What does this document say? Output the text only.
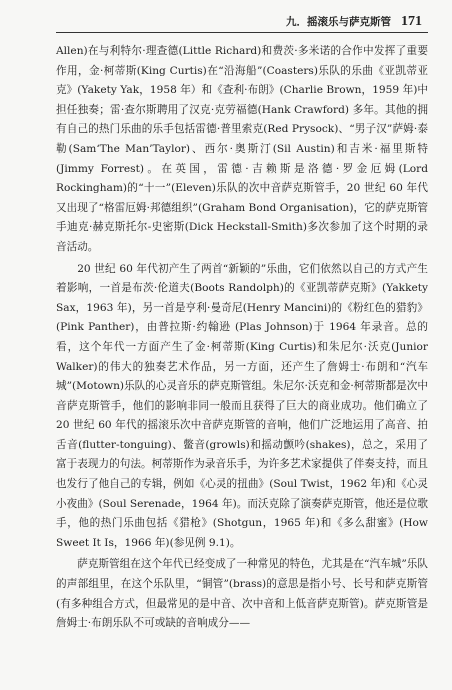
九．摇滚乐与萨克斯管 171

Allen)在与利特尔·理查德(Little Richard)和费茨·多米诺的合作中发挥了重要作用，金·柯蒂斯(King Curtis)在“沿海船”(Coasters)乐队的乐曲《亚凯蒂亚克》(Yakety Yak，1958 年）和《查利·布朗》(Charlie Brown，1959 年)中担任独奏；雷·查尔斯聘用了汉克·克劳福德(Hank Crawford) 多年。其他的拥有自己的热门乐曲的乐手包括雷德·普里索克(Red Prysock)、“男子汉”萨姆·泰勒(Sam‘The Man’Taylor)、西尔·奥斯汀(Sil Austin)和吉米·福里斯特(Jimmy Forrest)。在英国，雷德·吉赖斯是洛德·罗金厄姆(Lord Rockingham)的“十一”(Eleven)乐队的次中音萨克斯管手，20 世纪 60 年代又出现了“格雷厄姆·邦德组织”(Graham Bond Organisation)，它的萨克斯管手迪克·赫克斯托尔-史密斯(Dick Heckstall-Smith)多次参加了这个时期的录音活动。

20 世纪 60 年代初产生了两首“新颖的”乐曲，它们依然以自己的方式产生着影响，一首是布茨·伦道夫(Boots Randolph)的《亚凯蒂萨克斯》(Yakkety Sax，1963 年)，另一首是亨利·曼奇尼(Henry Mancini)的《粉红色的猎豹》(Pink Panther)，由普拉斯·约翰逊 (Plas Johnson)于 1964 年录音。总的看，这个年代一方面产生了金·柯蒂斯(King Curtis)和朱尼尔·沃克(Junior Walker)的伟大的独奏艺术作品，另一方面，还产生了詹姆士·布朗和“汽车城”(Motown)乐队的心灵音乐的萨克斯管组。朱尼尔·沃克和金·柯蒂斯都是次中音萨克斯管手，他们的影响非同一般而且获得了巨大的商业成功。他们确立了 20 世纪 60 年代的摇滚乐次中音萨克斯管的音响，他们广泛地运用了高音、拍舌音(flutter-tonguing)、鳖音(growls)和摇动颤吟(shakes)，总之，采用了富于表现力的句法。柯蒂斯作为录音乐手，为许多艺术家提供了伴奏支持，而且也发行了他自己的专辑，例如《心灵的扭曲》(Soul Twist，1962 年)和《心灵小夜曲》(Soul Serenade，1964 年)。而沃克除了演奏萨克斯管，他还是位歌手，他的热门乐曲包括《猎枪》(Shotgun，1965 年)和《多么甜蜜》(How Sweet It Is，1966 年)(参见例 9.1)。

萨克斯管组在这个年代已经变成了一种常见的特色，尤其是在“汽车城”乐队的声部组里，在这个乐队里，“铜管”(brass)的意思是指小号、长号和萨克斯管(有多种组合方式，但最常见的是中音、次中音和上低音萨克斯管)。萨克斯管是詹姆士·布朗乐队不可或缺的音响成分——
